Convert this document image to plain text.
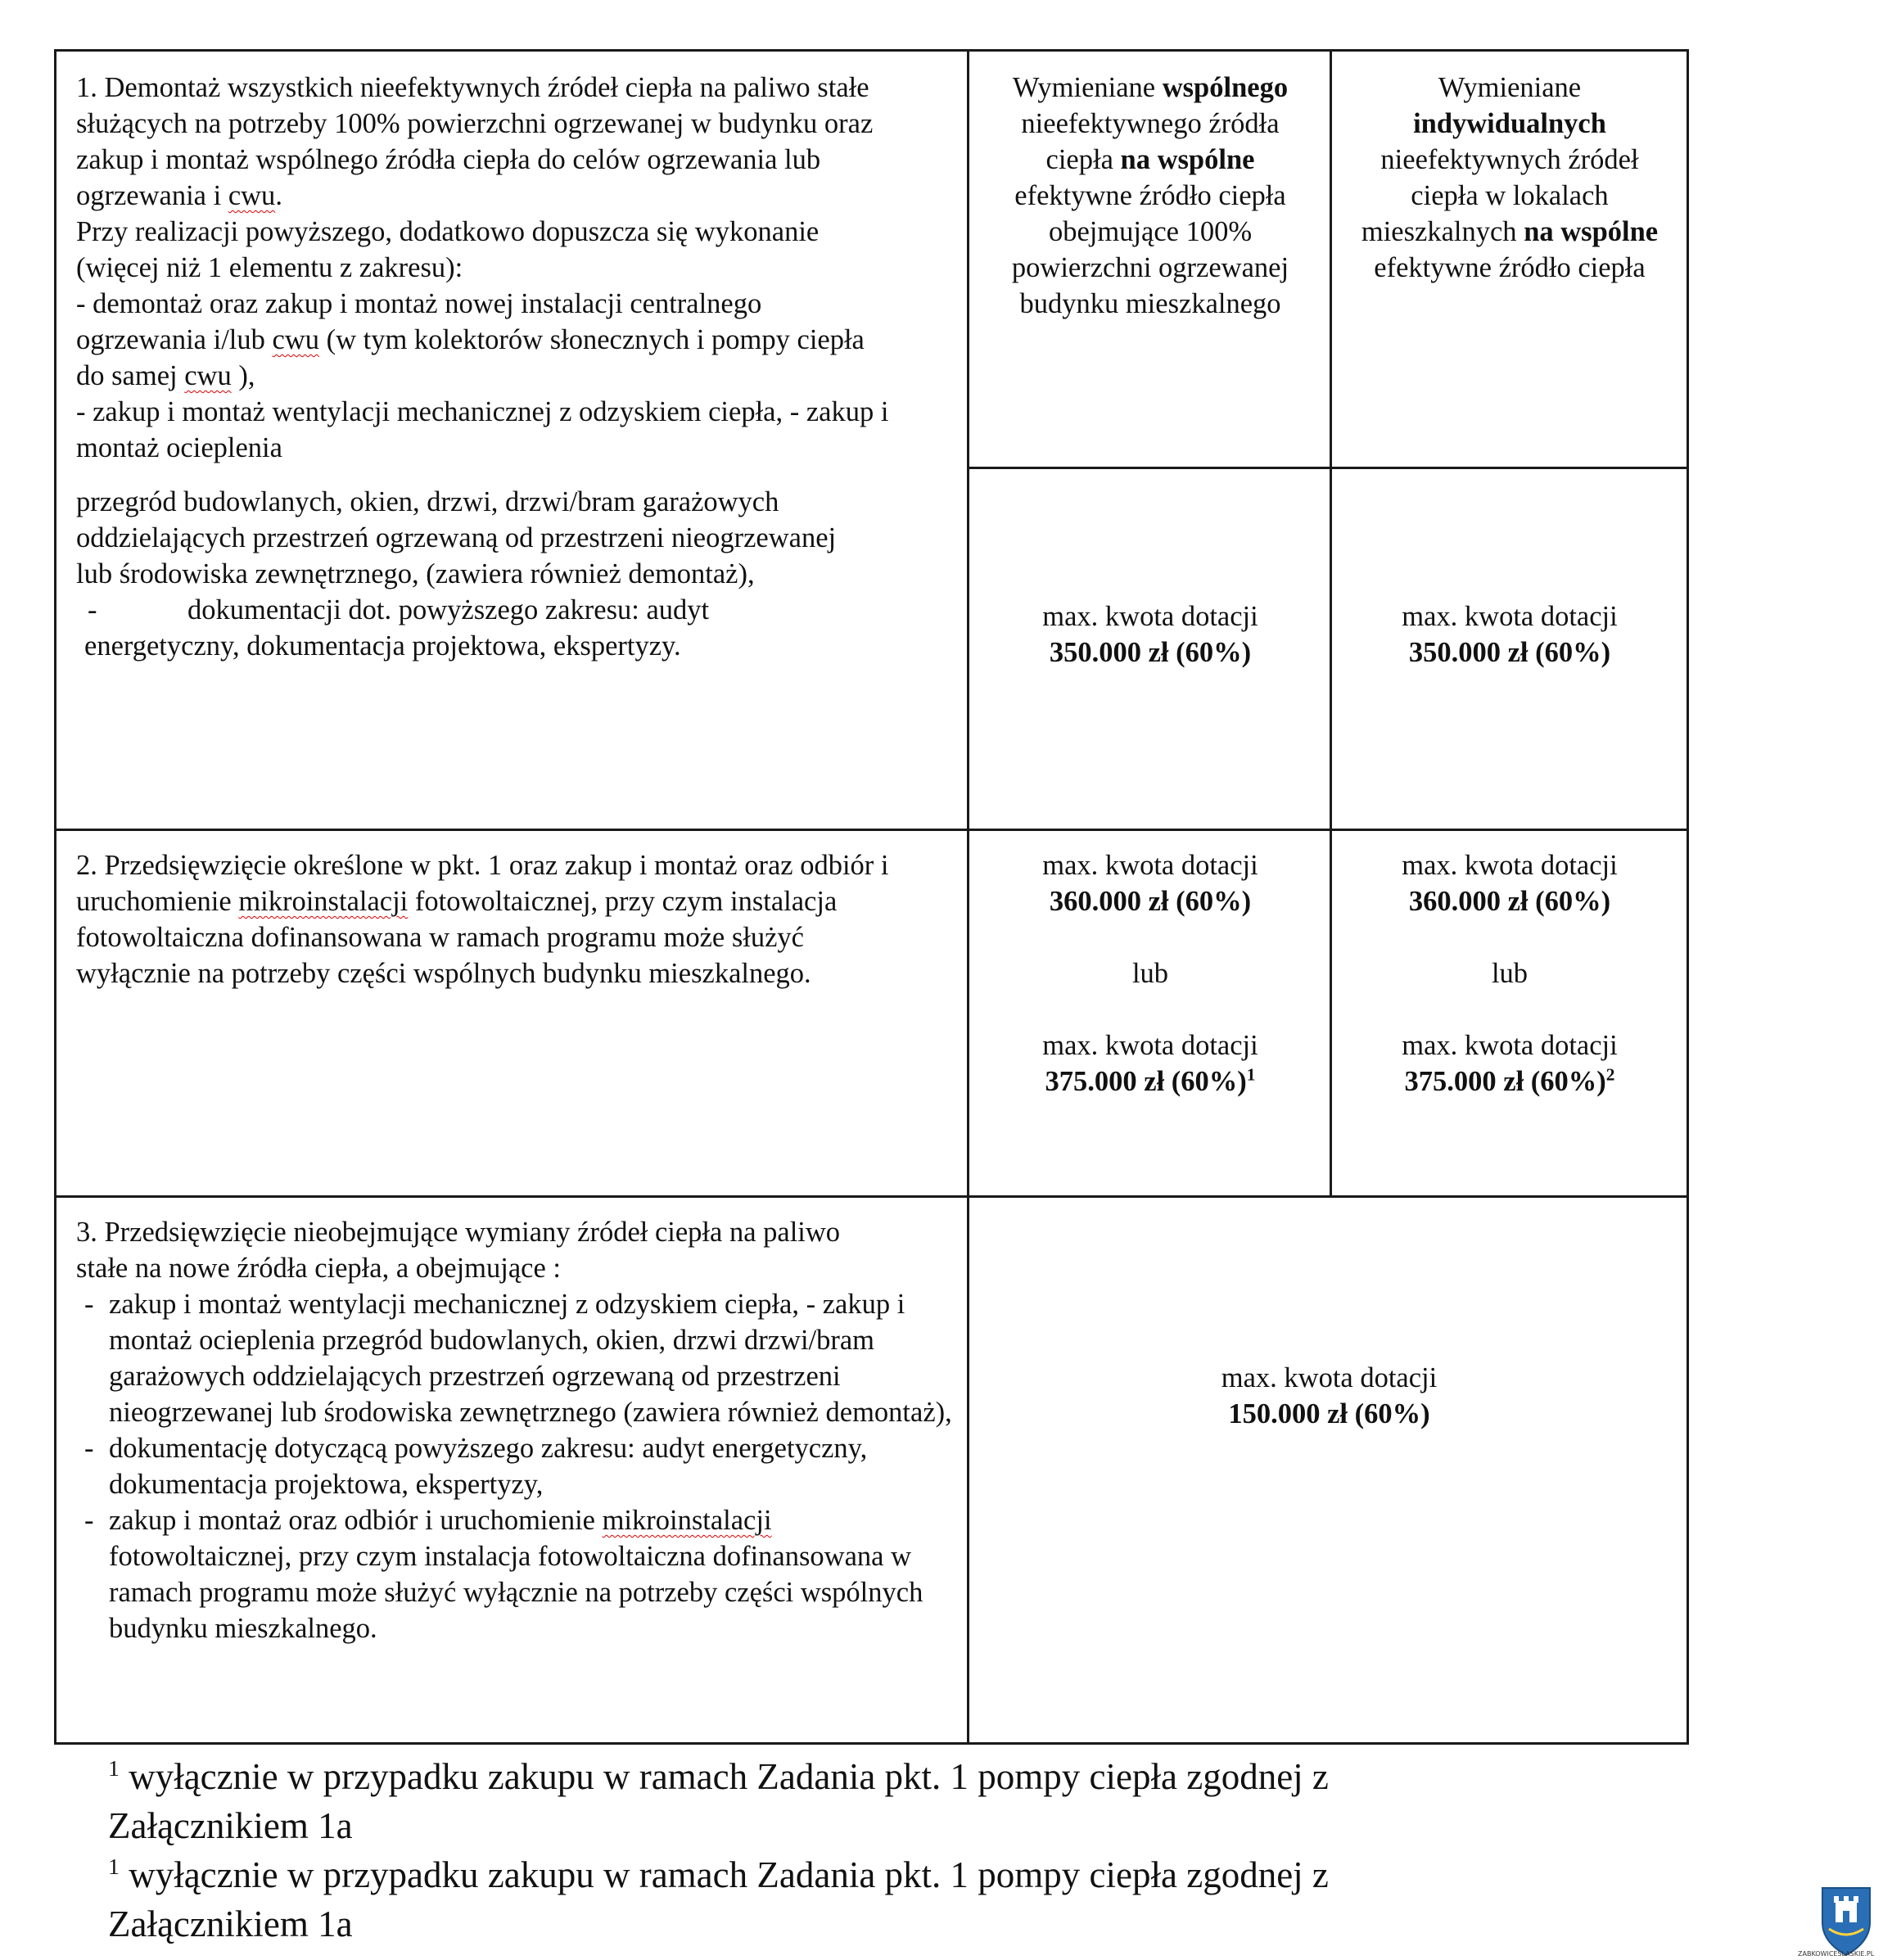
1. Demontaż wszystkich nieefektywnych źródeł ciepła na paliwo stałe

służących na potrzeby 100% powierzchni ogrzewanej w budynku oraz

zakup i montaż wspólnego źródła ciepła do celów ogrzewania lub

ogrzewania i cwu.

Przy realizacji powyższego, dodatkowo dopuszcza się wykonanie

(więcej niż 1 elementu z zakresu):

- demontaż oraz zakup i montaż nowej instalacji centralnego

ogrzewania i/lub cwu (w tym kolektorów słonecznych i pompy ciepła

do samej cwu ),

- zakup i montaż wentylacji mechanicznej z odzyskiem ciepła, - zakup i

montaż ocieplenia

przegród budowlanych, okien, drzwi, drzwi/bram garażowych

oddzielających przestrzeń ogrzewaną od przestrzeni nieogrzewanej

lub środowiska zewnętrznego, (zawiera również demontaż),

-	dokumentacji dot. powyższego zakresu: audyt

energetyczny, dokumentacja projektowa, ekspertyzy.

Wymieniane wspólnego

nieefektywnego źródła

ciepła na wspólne

efektywne źródło ciepła

obejmujące 100%

powierzchni ogrzewanej

budynku mieszkalnego

Wymieniane

indywidualnych

nieefektywnych źródeł

ciepła w lokalach

mieszkalnych na wspólne

efektywne źródło ciepła

max. kwota dotacji

350.000 zł (60%)

max. kwota dotacji

350.000 zł (60%)

2. Przedsięwzięcie określone w pkt. 1 oraz zakup i montaż oraz odbiór i

uruchomienie mikroinstalacji fotowoltaicznej, przy czym instalacja

fotowoltaiczna dofinansowana w ramach programu może służyć

wyłącznie na potrzeby części wspólnych budynku mieszkalnego.

max. kwota dotacji

360.000 zł (60%)

lub

max. kwota dotacji

375.000 zł $(60\%)^1$

max. kwota dotacji

360.000 zł (60%)

lub

max. kwota dotacji

375.000 zł $(60\%)^2$

3. Przedsięwzięcie nieobejmujące wymiany źródeł ciepła na paliwo

stałe na nowe źródła ciepła, a obejmujące :

- zakup i montaż wentylacji mechanicznej z odzyskiem ciepła, - zakup i montaż ocieplenia przegród budowlanych, okien, drzwi drzwi/bram garażowych oddzielających przestrzeń ogrzewaną od przestrzeni nieogrzewanej lub środowiska zewnętrznego (zawiera również demontaż),
- dokumentację dotyczącą powyższego zakresu: audyt energetyczny, dokumentacja projektowa, ekspertyzy,
- zakup i montaż oraz odbiór i uruchomienie mikroinstalacji fotowoltaicznej, przy czym instalacja fotowoltaiczna dofinansowana w ramach programu może służyć wyłącznie na potrzeby części wspólnych budynku mieszkalnego.

max. kwota dotacji

150.000 zł (60%)

$^1$ wyłącznie w przypadku zakupu w ramach Zadania pkt. 1 pompy ciepła zgodnej z

Załącznikiem 1a

$^1$ wyłącznie w przypadku zakupu w ramach Zadania pkt. 1 pompy ciepła zgodnej z

Załącznikiem 1a

ZABKOWICESLASKIE.PL
